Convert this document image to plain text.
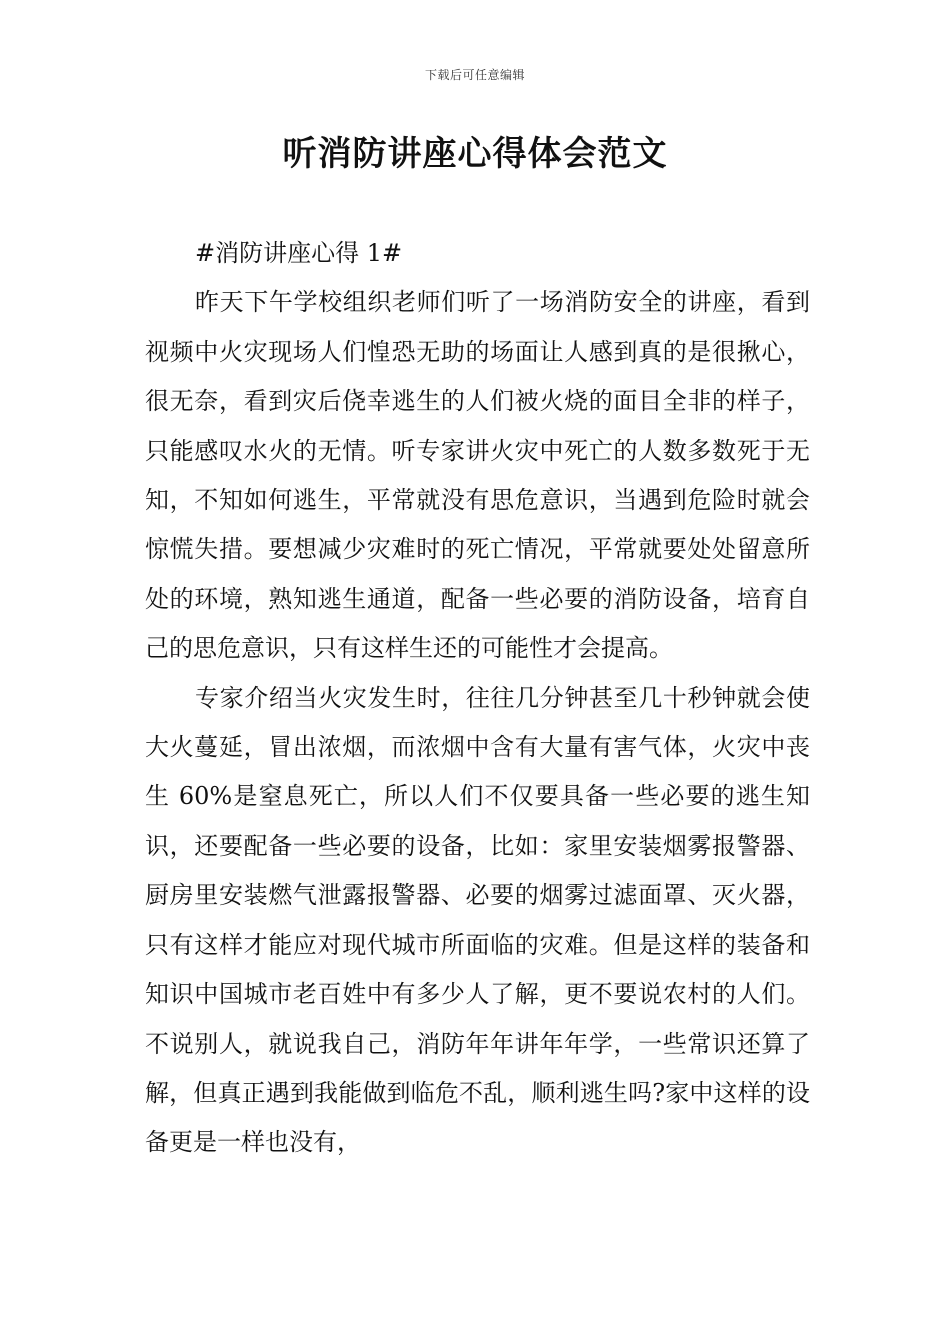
下载后可任意编辑
听消防讲座心得体会范文

#消防讲座心得 1#

昨天下午学校组织老师们听了一场消防安全的讲座，看到视频中火灾现场人们惶恐无助的场面让人感到真的是很揪心，很无奈，看到灾后侥幸逃生的人们被火烧的面目全非的样子，只能感叹水火的无情。听专家讲火灾中死亡的人数多数死于无知，不知如何逃生，平常就没有思危意识，当遇到危险时就会惊慌失措。要想减少灾难时的死亡情况，平常就要处处留意所处的环境，熟知逃生通道，配备一些必要的消防设备，培育自己的思危意识，只有这样生还的可能性才会提高。

专家介绍当火灾发生时，往往几分钟甚至几十秒钟就会使大火蔓延，冒出浓烟，而浓烟中含有大量有害气体，火灾中丧生 60%是窒息死亡，所以人们不仅要具备一些必要的逃生知识，还要配备一些必要的设备，比如：家里安装烟雾报警器、厨房里安装燃气泄露报警器、必要的烟雾过滤面罩、灭火器，只有这样才能应对现代城市所面临的灾难。但是这样的装备和知识中国城市老百姓中有多少人了解，更不要说农村的人们。不说别人，就说我自己，消防年年讲年年学，一些常识还算了解，但真正遇到我能做到临危不乱，顺利逃生吗?家中这样的设备更是一样也没有，
